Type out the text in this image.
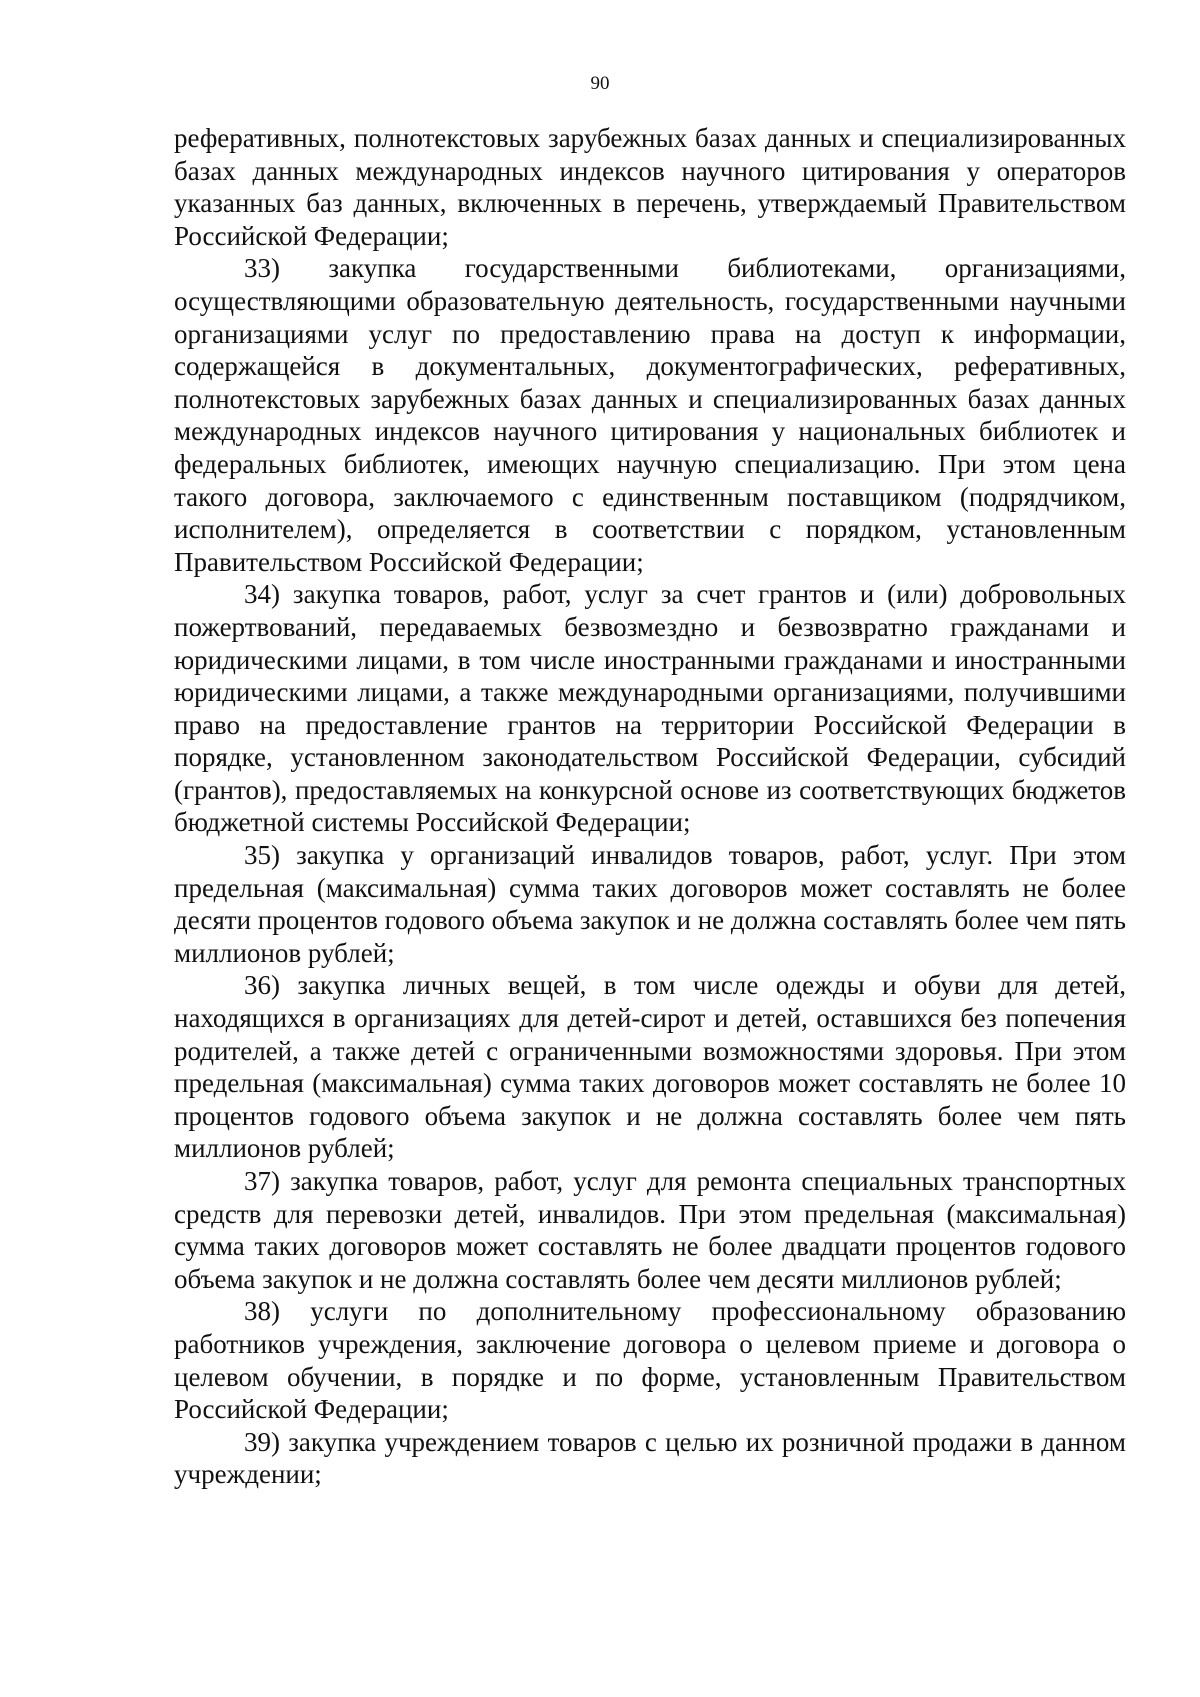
90

реферативных, полнотекстовых зарубежных базах данных и специализированных базах данных международных индексов научного цитирования у операторов указанных баз данных, включенных в перечень, утверждаемый Правительством Российской Федерации;

33) закупка государственными библиотеками, организациями, осуществляющими образовательную деятельность, государственными научными организациями услуг по предоставлению права на доступ к информации, содержащейся в документальных, документографических, реферативных, полнотекстовых зарубежных базах данных и специализированных базах данных международных индексов научного цитирования у национальных библиотек и федеральных библиотек, имеющих научную специализацию. При этом цена такого договора, заключаемого с единственным поставщиком (подрядчиком, исполнителем), определяется в соответствии с порядком, установленным Правительством Российской Федерации;

34) закупка товаров, работ, услуг за счет грантов и (или) добровольных пожертвований, передаваемых безвозмездно и безвозвратно гражданами и юридическими лицами, в том числе иностранными гражданами и иностранными юридическими лицами, а также международными организациями, получившими право на предоставление грантов на территории Российской Федерации в порядке, установленном законодательством Российской Федерации, субсидий (грантов), предоставляемых на конкурсной основе из соответствующих бюджетов бюджетной системы Российской Федерации;

35) закупка у организаций инвалидов товаров, работ, услуг. При этом предельная (максимальная) сумма таких договоров может составлять не более десяти процентов годового объема закупок и не должна составлять более чем пять миллионов рублей;

36) закупка личных вещей, в том числе одежды и обуви для детей, находящихся в организациях для детей-сирот и детей, оставшихся без попечения родителей, а также детей с ограниченными возможностями здоровья. При этом предельная (максимальная) сумма таких договоров может составлять не более 10 процентов годового объема закупок и не должна составлять более чем пять миллионов рублей;

37) закупка товаров, работ, услуг для ремонта специальных транспортных средств для перевозки детей, инвалидов. При этом предельная (максимальная) сумма таких договоров может составлять не более двадцати процентов годового объема закупок и не должна составлять более чем десяти миллионов рублей;

38) услуги по дополнительному профессиональному образованию работников учреждения, заключение договора о целевом приеме и договора о целевом обучении, в порядке и по форме, установленным Правительством Российской Федерации;

39) закупка учреждением товаров с целью их розничной продажи в данном учреждении;
